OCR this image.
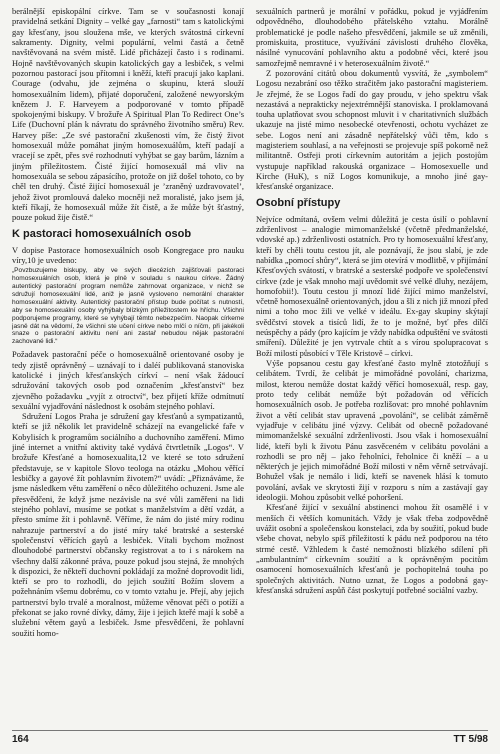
berálnější episkopální církve. Tam se v současnosti konají pravidelná setkání Dignity – velké gay „farnosti“ tam s katolickými gay křesťany, jsou sloužena mše, ve kterých svátostná církevní sakramenty. Dignity, velmi populární, velmi častá a četně navštěvovaná na svém místě. Lidé přicházejí často i s rodinami. Hojně navštěvovaných skupin katolických gay a lesbiček, s velmi pozornou pastorací jsou přítomni i kněží, kteří pracují jako kaplani. Courage (odvahu, jde zejména o skupinu, která slouží homosexuálním lidem), přijaté doporučení, založené newyorským knězem J. F. Harveyem a podporované v tomto případě spokojenými biskupy. V brožuře A Spiritual Plan To Redirect One’s Life (Duchovní plán k návratu do správného životního směru) Rev. Harvey píše: „Ze své pastorační zkušenosti vím, že čistý život homosexuál může pomáhat jiným homosexuálům, kteří padají a vracejí se zpět, přes své rozhodnutí vyhýbat se gay barům, lázním a jiným příležitostem. Čisté žijící homosexuál má vliv na homosexuála se sebou zápasícího, protože on již došel tohoto, co by chěl ten druhý. Čisté žijící homosexuál je ’zraněný uzdravovatel’, jehož život promlouvá daleko mocněji než moralisté, jako jsem já, kteří říkají, že homosexuál může žít čistě, a že může být šťastný, pouze pokud žije čistě.“

K pastoraci homosexuálních osob

V dopise Pastorace homosexuálních osob Kongregace pro nauku víry,10 je uvedeno:

„Povzbuzujeme biskupy, aby ve svých diecézích zajišťovali pastoraci homosexuálních osob, která je plně v souladu s naukou církve. Žádný autentický pastorační program nemůže zahrnovat organizace, v nichž se sdružují homosexuální lidé, aniž je jasně vysloveno nemorální charakter homosexuální aktivity. Autentický pastorační přístup bude počítat s nutností, aby se homosexuální osoby vyhýbaly blízkým příležitostem ke hříchu. Všichni podporujeme programy, které se vyhýbají těmto nebezpečím. Naopak církeme jasně dát na vědomí, že všichni ste učení církve nebo mlčí o níčm, při jakékoli snaze o pastorační aktivitu není ani zastař nebudou nějak pastorační zachované lidi.“

Požadavek pastorační péče o homosexuálně orientované osoby je tedy zjistě oprávněný – uznávají to i daléí publikovaná stanoviska katolické i jiných křesťanských církví – není však žádoucí sdružování takových osob pod označením „křesťanství“ bez zjevněho požadavku „vyjít z otroctví“, bez přijetí kříže odmítnutí sexuální vyjadřování následnost k osobám stejného pohlaví.

Sdružení Logos Praha je sdružení gay křesťanů a sympatizantů, kteří se již několik let pravidelně scházejí na evangelické faře v Kobylisích k programům sociálního a duchovního zaměření. Mimo jiné internet a vnitřní aktivity také vydává čtvrtletník „Logos“. V brožuře Křesťané a homosexualita,12 ve které se toto sdružení představuje, se v kapitole Slovo teologa na otázku „Mohou věřící lesbičky a gayové žít pohlavním životem?“ uvádí: „Přiznáváme, že jsme následkem větu zaměření o něco důležitého ochuzeni. Jsme ale přesvědčeni, že když jsme nezávisle na své vůli zaměřeni na lidi stejného pohlaví, musíme se potkat s manželstvím a dětí vzdát, a přesto smíme žít i pohlavně. Věříme, že nám do jisté míry rodinu nahrazuje partnerství a do jisté míry také bratrské a sesterské společenství věřících gayů a lesbiček. Vítali bychom možnost dlouhodobé partnerství občansky registrovat a to i s nárokem na všechny další zákonné práva, pouze pokud jsou stejná, že mnohých k dispozici, že někteří duchovní pokládají za možné doprovodit lidi, kteří se pro to rozhodli, do jejich soužití Božím slovem a požehnáním všemu dobrému, co v tomto vztahu je. Přejí, aby jejich partnerství bylo trvalé a moralnost, můžeme věnovat péči o potíží a překonat se jako rovné dívky, dámy, žije i jejich kteřé mají k sobě a služební větem gayů a lesbiček. Jsme přesvědčeni, že pohlavní soužití homo-

sexuálních partnerů je morální v pořádku, pokud je vyjádřením odpovědného, dlouhodobého přátelského vztahu. Morálně problematické je podle našeho přesvědčení, jakmile se už změnili, promiskuita, prostituce, využívání závislosti druhého člověka, násilné vynucování pohlavního aktu a podobné věci, které jsou samozřejmě nemravné i v heterosexuálním životě.“

Z pozorování citátů obou dokumentů vysvítá, že „symbolem“ Logosu nezabrání oso těžko stračitěm jako pastorační magisteriem. Je zřejmé, že se Logos řadí do gay proudu, v jeho spektru však nezastává a neprakticky nejextrémnější stanoviska. I proklamovaná touha uplatňovat svou schopnost mluvit i v charitativních službách ukazuje na jisté mimo nesobecké otevřenosti, ochotu vycházet ze sebe. Logos není ani zásadně nepřátelský vůči těm, kdo s magisteriem souhlasí, a na veřejnosti se projevuje spíš pokorně než militantně. Ostřeji proti církevním autoritám a jejich postojům vystupuje například rakouská organizace – Homosexuelle und Kirche (HuK), s níž Logos komunikuje, a mnoho jiné gay-křesťanské organizace.

Osobní přístupy

Nejvíce odmítaná, ovšem velmi důležitá je cesta úsilí o pohlavní zdrženlivost – analogie mimomanželské (včetně předmanželské, vdovské ap.) zdrženlivosti ostatních. Pro ty homosexuální křesťany, kteří by chěli toutu cestou jít, ale poznávají, že jsou slabí, je zde nabídka „pomocí shůry“, která se jim otevírá v modlitbě, v přijímání Křesťových svátostí, v bratrské a sesterské podpoře ve společenství církve (zde je však mnoho mají uvědomit své velké dluhy, nezájem, homofobii!). Toutu cestou jí mnozí lidé žijící mimo manželství, včetně homosexuálně orientovaných, jdou a šli z nich již mnozí před nimi a toho moc žili ve velké v ideálu. Ex-gay skupiny skýtají svědčství stovek a tisíců lidí, že to je možné, byť přes dílčí neúspěchy a pády (pro kajícím je vždy nabídka odpuštění ve svátosti smíření). Důležité je jen vytrvale chtít a s vírou spolupracovat s Boží milostí působící v Těle Kristově – církvi.

Výše popsanou cestu gay křesťané často mylně ztotožňují s celibátem. Tvrdí, že celibát je mimořádné povolání, charizma, milost, kterou nemůže dostat každý věřící homosexuál, resp. gay, proto tedy celibát nemůže být požadován od věřících homosexuálních osob. Je potřeba rozlišovat: pro mnohé pohlavním život a větí celibát stav upravená „povolání“, se celibát záměrně vyjadřuje v celibátu jiné výzvy. Celibát od obecně požadované mimomanželské sexuální zdrženlivosti. Jsou však i homosexuální lidé, kteří byli k životu Pánu zasvěceném v celibátu povoláni a rozhodli se pro něj – jako řeholníci, řeholnice či kněží – a u některých je jejich mimořádné Boží milosti v něm věrně setrvávají. Bohužel však je nemálo i lidí, kteří se navenek hlásí k tomuto povolání, avšak ve skrytosti žijí v rozporu s ním a zastávají gay ideologii. Mohou způsobit velké pohoršení.

Křesťané žijící v sexuální abstinenci mohou žít osamělé i v menších či větších komunitách. Vždy je však třeba zodpovědně uvážit osobní a společenskou konstelaci, zda by soužití, pokud bude všebe chovat, nebylo spíš příležitostí k pádu než podporou na této strmé cestě. Vžhledem k časté nemožnosti blízkého sdílení při „ambulantním“ církevním soužití a k oprávněným pocitům osamocení homosexuálních křesťanů je pochopitelná touha po společných aktivitách. Nutno uznat, že Logos a podobná gay-křesťanská sdružení aspůň část poskytují potřebné sociální vazby.

164	TT 5/98
